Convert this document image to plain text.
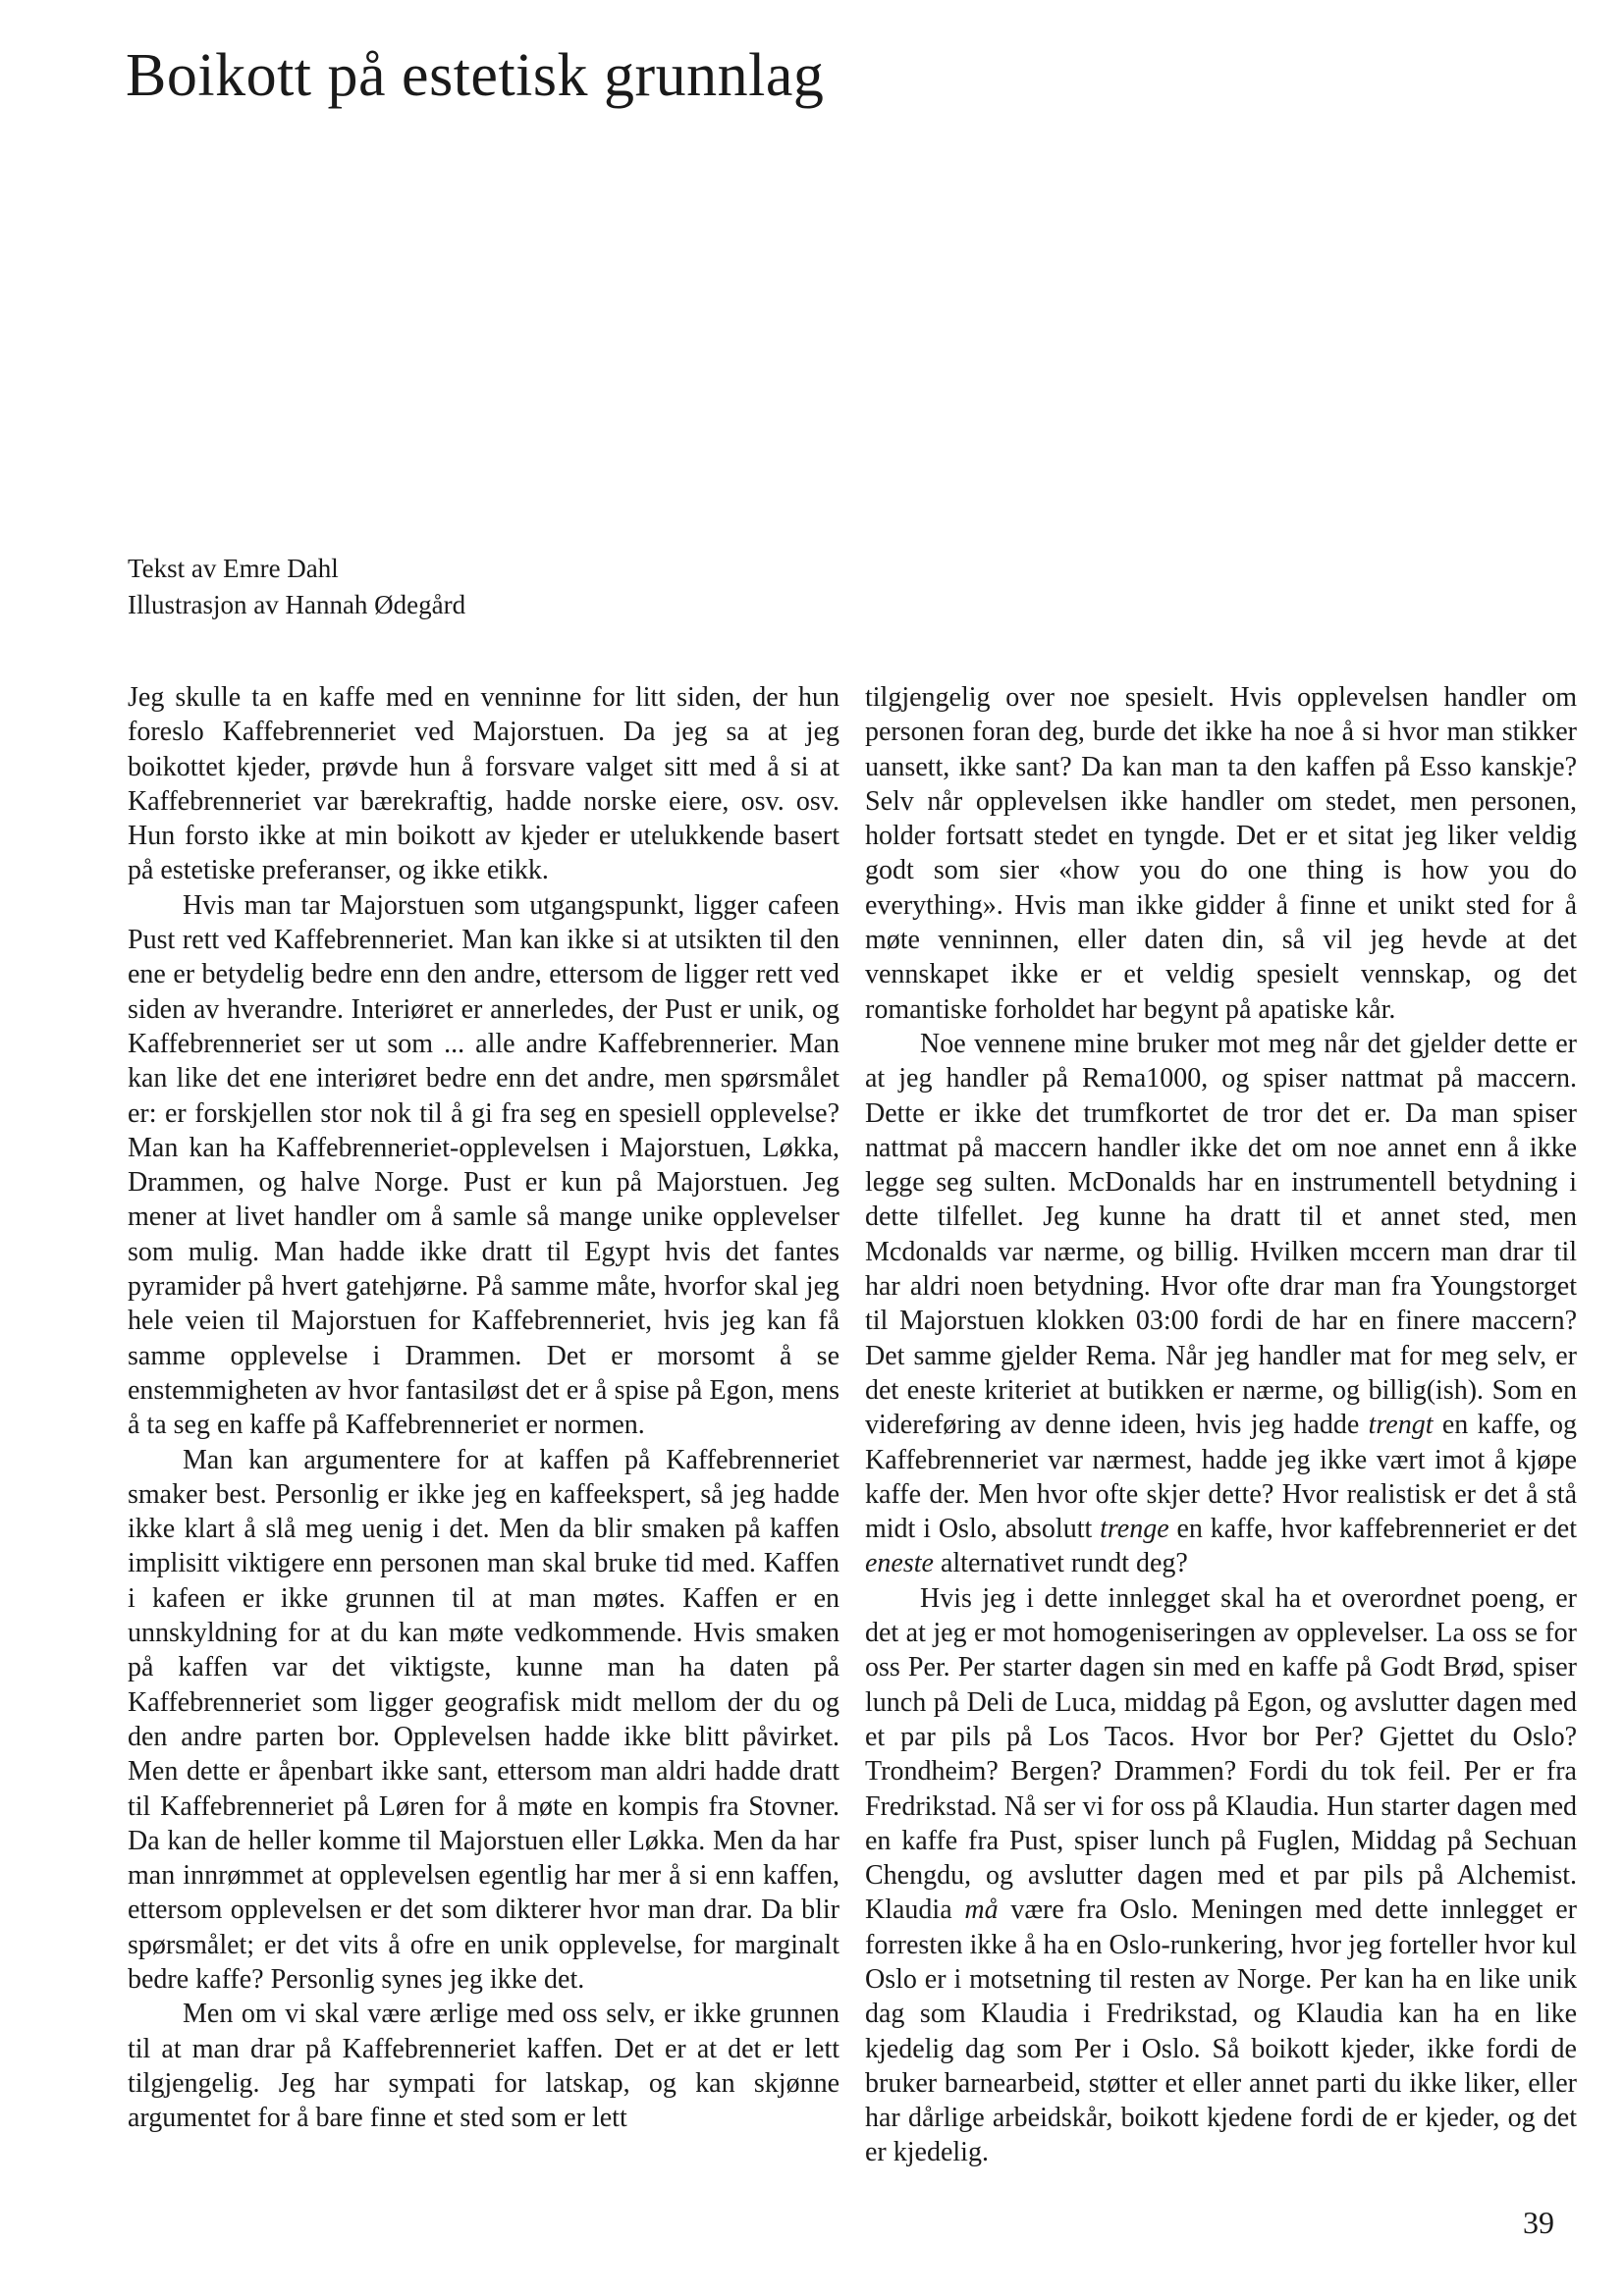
Boikott på estetisk grunnlag
Tekst av Emre Dahl
Illustrasjon av Hannah Ødegård

Jeg skulle ta en kaffe med en venninne for litt siden, der hun foreslo Kaffebrenneriet ved Majorstuen. Da jeg sa at jeg boikottet kjeder, prøvde hun å forsvare valget sitt med å si at Kaffebrenneriet var bærekraftig, hadde norske eiere, osv. osv. Hun forsto ikke at min boikott av kjeder er utelukkende basert på estetiske preferanser, og ikke etikk.

Hvis man tar Majorstuen som utgangspunkt, ligger cafeen Pust rett ved Kaffebrenneriet. Man kan ikke si at utsikten til den ene er betydelig bedre enn den andre, ettersom de ligger rett ved siden av hverandre. Interiøret er annerledes, der Pust er unik, og Kaffebrenneriet ser ut som ... alle andre Kaffebrennerier. Man kan like det ene interiøret bedre enn det andre, men spørsmålet er: er forskjellen stor nok til å gi fra seg en spesiell opplevelse? Man kan ha Kaffebrenneriet-opplevelsen i Majorstuen, Løkka, Drammen, og halve Norge. Pust er kun på Majorstuen. Jeg mener at livet handler om å samle så mange unike opplevelser som mulig. Man hadde ikke dratt til Egypt hvis det fantes pyramider på hvert gatehjørne. På samme måte, hvorfor skal jeg hele veien til Majorstuen for Kaffebrenneriet, hvis jeg kan få samme opplevelse i Drammen. Det er morsomt å se enstemmigheten av hvor fantasiløst det er å spise på Egon, mens å ta seg en kaffe på Kaffebrenneriet er normen.

Man kan argumentere for at kaffen på Kaffebrenneriet smaker best. Personlig er ikke jeg en kaffeekspert, så jeg hadde ikke klart å slå meg uenig i det. Men da blir smaken på kaffen implisitt viktigere enn personen man skal bruke tid med. Kaffen i kafeen er ikke grunnen til at man møtes. Kaffen er en unnskyldning for at du kan møte vedkommende. Hvis smaken på kaffen var det viktigste, kunne man ha daten på Kaffebrenneriet som ligger geografisk midt mellom der du og den andre parten bor. Opplevelsen hadde ikke blitt påvirket. Men dette er åpenbart ikke sant, ettersom man aldri hadde dratt til Kaffebrenneriet på Løren for å møte en kompis fra Stovner. Da kan de heller komme til Majorstuen eller Løkka. Men da har man innrømmet at opplevelsen egentlig har mer å si enn kaffen, ettersom opplevelsen er det som dikterer hvor man drar. Da blir spørsmålet; er det vits å ofre en unik opplevelse, for marginalt bedre kaffe? Personlig synes jeg ikke det.

Men om vi skal være ærlige med oss selv, er ikke grunnen til at man drar på Kaffebrenneriet kaffen. Det er at det er lett tilgjengelig. Jeg har sympati for latskap, og kan skjønne argumentet for å bare finne et sted som er lett

tilgjengelig over noe spesielt. Hvis opplevelsen handler om personen foran deg, burde det ikke ha noe å si hvor man stikker uansett, ikke sant? Da kan man ta den kaffen på Esso kanskje? Selv når opplevelsen ikke handler om stedet, men personen, holder fortsatt stedet en tyngde. Det er et sitat jeg liker veldig godt som sier «how you do one thing is how you do everything». Hvis man ikke gidder å finne et unikt sted for å møte venninnen, eller daten din, så vil jeg hevde at det vennskapet ikke er et veldig spesielt vennskap, og det romantiske forholdet har begynt på apatiske kår.

Noe vennene mine bruker mot meg når det gjelder dette er at jeg handler på Rema1000, og spiser nattmat på maccern. Dette er ikke det trumfkortet de tror det er. Da man spiser nattmat på maccern handler ikke det om noe annet enn å ikke legge seg sulten. McDonalds har en instrumentell betydning i dette tilfellet. Jeg kunne ha dratt til et annet sted, men Mcdonalds var nærme, og billig. Hvilken mccern man drar til har aldri noen betydning. Hvor ofte drar man fra Youngstorget til Majorstuen klokken 03:00 fordi de har en finere maccern? Det samme gjelder Rema. Når jeg handler mat for meg selv, er det eneste kriteriet at butikken er nærme, og billig(ish). Som en videreføring av denne ideen, hvis jeg hadde trengt en kaffe, og Kaffebrenneriet var nærmest, hadde jeg ikke vært imot å kjøpe kaffe der. Men hvor ofte skjer dette? Hvor realistisk er det å stå midt i Oslo, absolutt trenge en kaffe, hvor kaffebrenneriet er det eneste alternativet rundt deg?

Hvis jeg i dette innlegget skal ha et overordnet poeng, er det at jeg er mot homogeniseringen av opplevelser. La oss se for oss Per. Per starter dagen sin med en kaffe på Godt Brød, spiser lunch på Deli de Luca, middag på Egon, og avslutter dagen med et par pils på Los Tacos. Hvor bor Per? Gjettet du Oslo? Trondheim? Bergen? Drammen? Fordi du tok feil. Per er fra Fredrikstad. Nå ser vi for oss på Klaudia. Hun starter dagen med en kaffe fra Pust, spiser lunch på Fuglen, Middag på Sechuan Chengdu, og avslutter dagen med et par pils på Alchemist. Klaudia må være fra Oslo. Meningen med dette innlegget er forresten ikke å ha en Oslo-runkering, hvor jeg forteller hvor kul Oslo er i motsetning til resten av Norge. Per kan ha en like unik dag som Klaudia i Fredrikstad, og Klaudia kan ha en like kjedelig dag som Per i Oslo. Så boikott kjeder, ikke fordi de bruker barnearbeid, støtter et eller annet parti du ikke liker, eller har dårlige arbeidskår, boikott kjedene fordi de er kjeder, og det er kjedelig.

39
